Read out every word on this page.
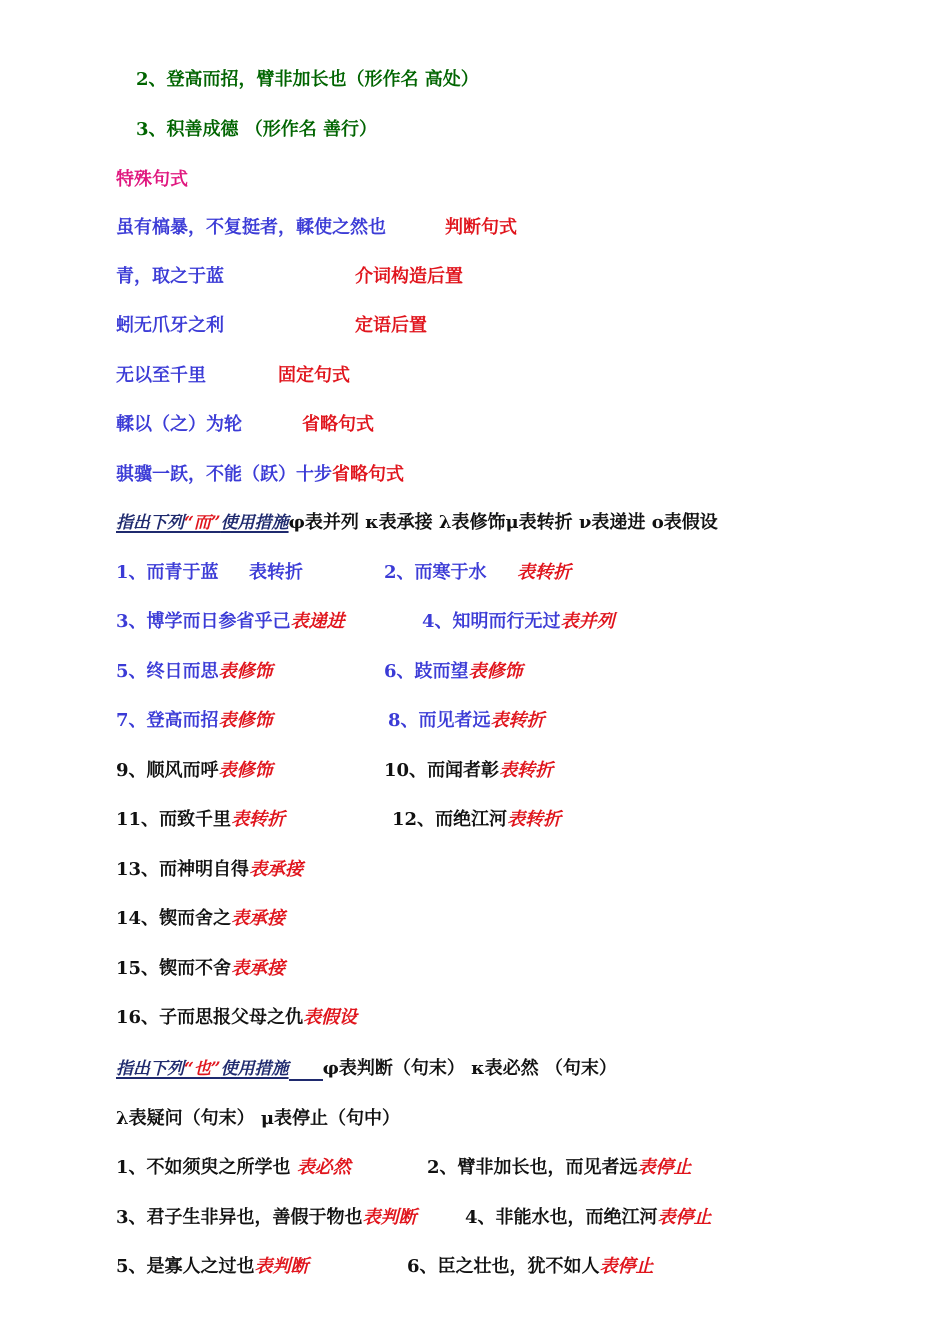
2、登高而招，臂非加长也（形作名 高处）
3、积善成德 （形作名 善行）
特殊句式
虽有槁暴，不复挺者，輮使之然也	判断句式
青，取之于蓝	介词构造后置
蚓无爪牙之利	定语后置
无以至千里	固定句式
輮以（之）为轮	省略句式
骐骥一跃，不能（跃）十步省略句式
指出下列“而”使用措施φ表并列 κ表承接 λ表修饰μ表转折 ν表递进 ο表假设
1、而青于蓝 表转折	2、而寒于水 表转折
3、博学而日参省乎己表递进	4、知明而行无过表并列
5、终日而思表修饰	6、跂而望表修饰
7、登高而招表修饰	8、而见者远表转折
9、顺风而呼表修饰	10、而闻者彰表转折
11、而致千里表转折	12、而绝江河表转折
13、而神明自得表承接
14、锲而舍之表承接
15、锲而不舍表承接
16、子而思报父母之仇表假设
指出下列“也”使用措施 φ表判断（句末） κ表必然 （句末）
λ表疑问（句末） μ表停止（句中）
1、不如须臾之所学也 表必然	2、臂非加长也，而见者远表停止
3、君子生非异也，善假于物也表判断	4、非能水也，而绝江河表停止
5、是寡人之过也表判断	6、臣之壮也，犹不如人表停止
